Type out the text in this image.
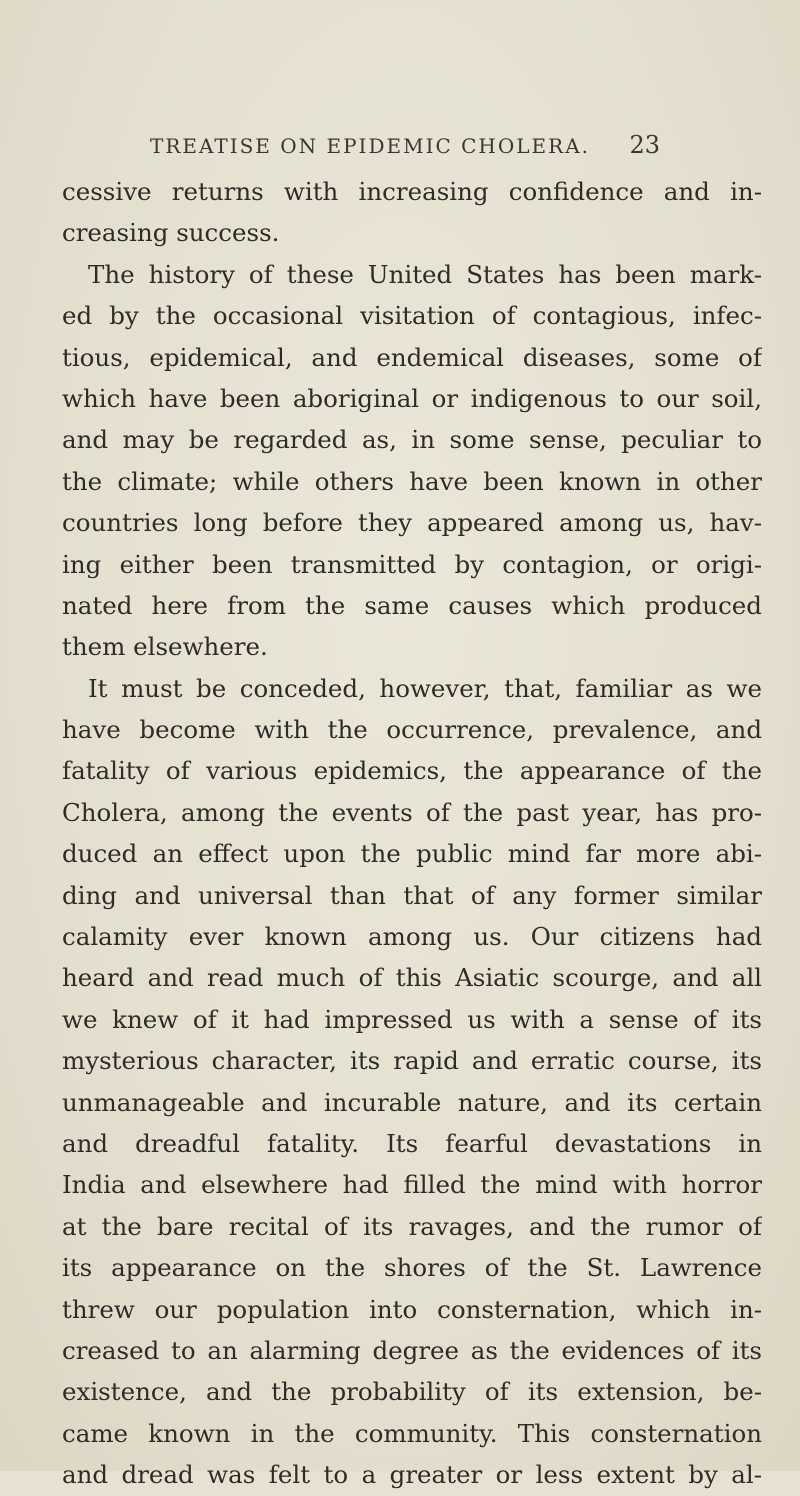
TREATISE ON EPIDEMIC CHOLERA. 23
cessive returns with increasing confidence and in-
creasing success.
The history of these United States has been mark-
ed by the occasional visitation of contagious, infec-
tious, epidemical, and endemical diseases, some of
which have been aboriginal or indigenous to our soil,
and may be regarded as, in some sense, peculiar to
the climate; while others have been known in other
countries long before they appeared among us, hav-
ing either been transmitted by contagion, or origi-
nated here from the same causes which produced
them elsewhere.
It must be conceded, however, that, familiar as we
have become with the occurrence, prevalence, and
fatality of various epidemics, the appearance of the
Cholera, among the events of the past year, has pro-
duced an effect upon the public mind far more abi-
ding and universal than that of any former similar
calamity ever known among us. Our citizens had
heard and read much of this Asiatic scourge, and all
we knew of it had impressed us with a sense of its
mysterious character, its rapid and erratic course, its
unmanageable and incurable nature, and its certain
and dreadful fatality. Its fearful devastations in
India and elsewhere had filled the mind with horror
at the bare recital of its ravages, and the rumor of
its appearance on the shores of the St. Lawrence
threw our population into consternation, which in-
creased to an alarming degree as the evidences of its
existence, and the probability of its extension, be-
came known in the community. This consternation
and dread was felt to a greater or less extent by al-
